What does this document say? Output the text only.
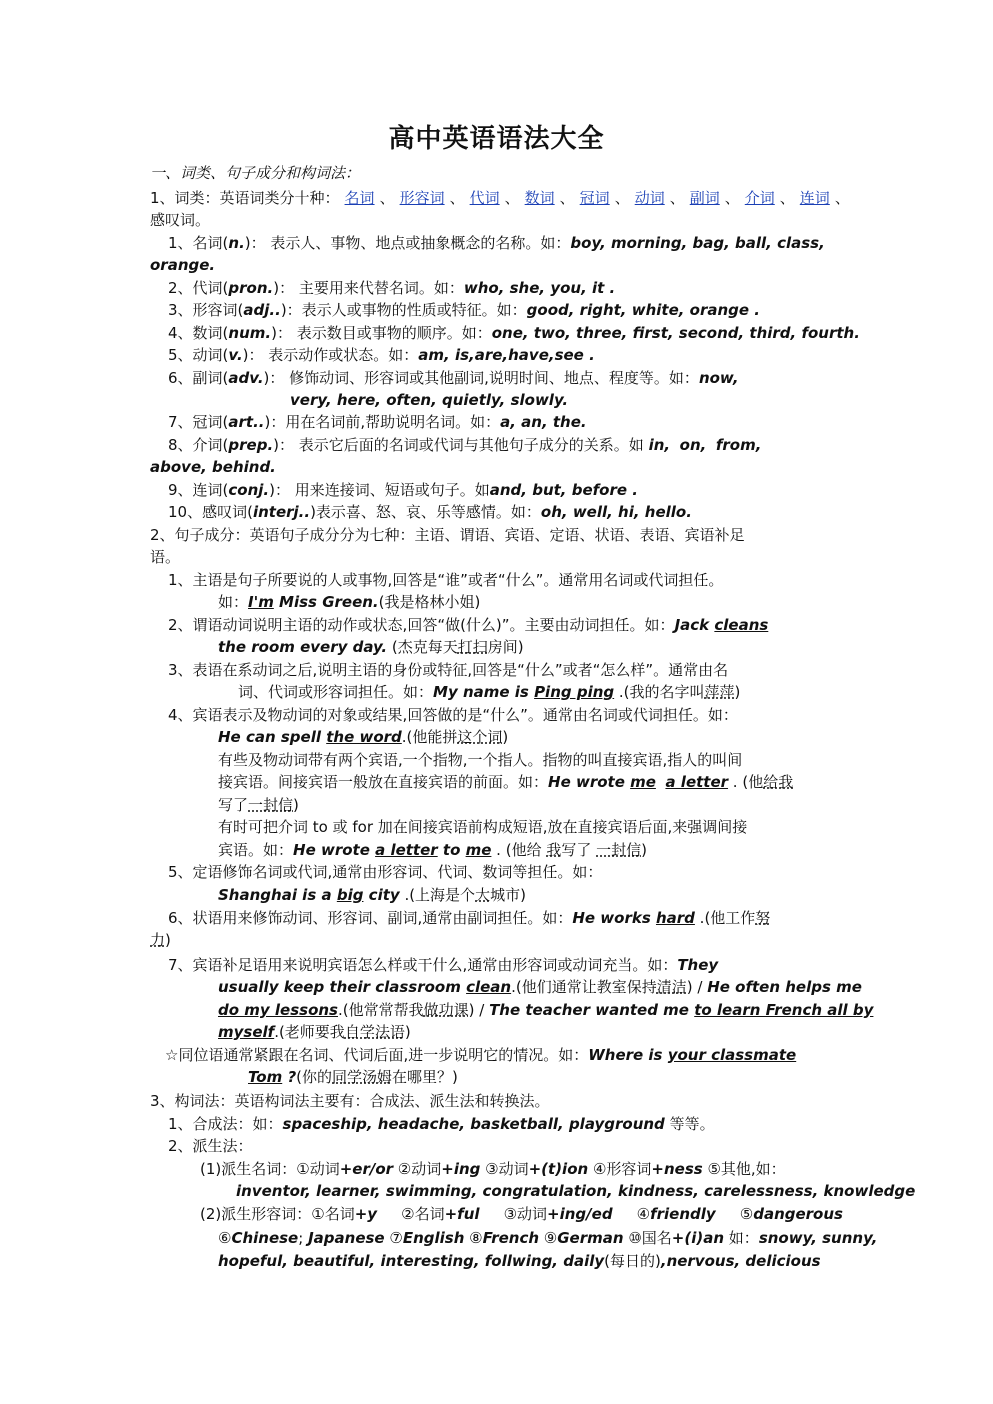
高中英语语法大全
一、词类、句子成分和构词法：
1、词类：英语词类分十种： 名词 、 形容词 、 代词 、 数词 、 冠词 、 动词 、 副词 、 介词 、 连词 、
感叹词。
1、名词(n.)： 表示人、事物、地点或抽象概念的名称。如：boy, morning, bag, ball, class,
orange.
2、代词(pron.)： 主要用来代替名词。如：who, she, you, it .
3、形容词(adj..)：表示人或事物的性质或特征。如：good, right, white, orange .
4、数词(num.)： 表示数目或事物的顺序。如：one, two, three, first, second, third, fourth.
5、动词(v.)： 表示动作或状态。如：am, is,are,have,see .
6、副词(adv.)： 修饰动词、形容词或其他副词,说明时间、地点、程度等。如：now,
very, here, often, quietly, slowly.
7、冠词(art..)：用在名词前,帮助说明名词。如：a, an, the.
8、介词(prep.)： 表示它后面的名词或代词与其他句子成分的关系。如 in, on, from,
above, behind.
9、连词(conj.)： 用来连接词、短语或句子。如and, but, before .
10、感叹词(interj..)表示喜、怒、哀、乐等感情。如：oh, well, hi, hello.
2、句子成分：英语句子成分分为七种：主语、谓语、宾语、定语、状语、表语、宾语补足
语。
1、主语是句子所要说的人或事物,回答是“谁”或者“什么”。通常用名词或代词担任。
如：I'm Miss Green.(我是格林小姐)
2、谓语动词说明主语的动作或状态,回答“做(什么)”。主要由动词担任。如：Jack cleans
the room every day. (杰克每天打扫房间)
3、表语在系动词之后,说明主语的身份或特征,回答是“什么”或者“怎么样”。通常由名
词、代词或形容词担任。如：My name is Ping ping .(我的名字叫萍萍)
4、宾语表示及物动词的对象或结果,回答做的是“什么”。通常由名词或代词担任。如：
He can spell the word.(他能拼这个词)
有些及物动词带有两个宾语,一个指物,一个指人。指物的叫直接宾语,指人的叫间
接宾语。间接宾语一般放在直接宾语的前面。如：He wrote me a letter . (他给我
写了一封信)
有时可把介词 to 或 for 加在间接宾语前构成短语,放在直接宾语后面,来强调间接
宾语。如：He wrote a letter to me . (他给 我写了 一封信)
5、定语修饰名词或代词,通常由形容词、代词、数词等担任。如：
Shanghai is a big city .(上海是个大城市)
6、状语用来修饰动词、形容词、副词,通常由副词担任。如：He works hard .(他工作努
力)
7、宾语补足语用来说明宾语怎么样或干什么,通常由形容词或动词充当。如：They
usually keep their classroom clean.(他们通常让教室保持清洁) / He often helps me
do my lessons.(他常常帮我做功课) / The teacher wanted me to learn French all by
myself.(老师要我自学法语)
☆同位语通常紧跟在名词、代词后面,进一步说明它的情况。如：Where is your classmate
Tom ?(你的同学汤姆在哪里？)
3、构词法：英语构词法主要有：合成法、派生法和转换法。
1、合成法：如：spaceship, headache, basketball, playground 等等。
2、派生法：
(1)派生名词：①动词+er/or ②动词+ing ③动词+(t)ion ④形容词+ness ⑤其他,如：
inventor, learner, swimming, congratulation, kindness, carelessness, knowledge
(2)派生形容词：①名词+y ②名词+ful ③动词+ing/ed ④friendly ⑤dangerous
⑥Chinese; Japanese ⑦English ⑧French ⑨German ⑩国名+(i)an 如：snowy, sunny,
hopeful, beautiful, interesting, follwing, daily(每日的),nervous, delicious
